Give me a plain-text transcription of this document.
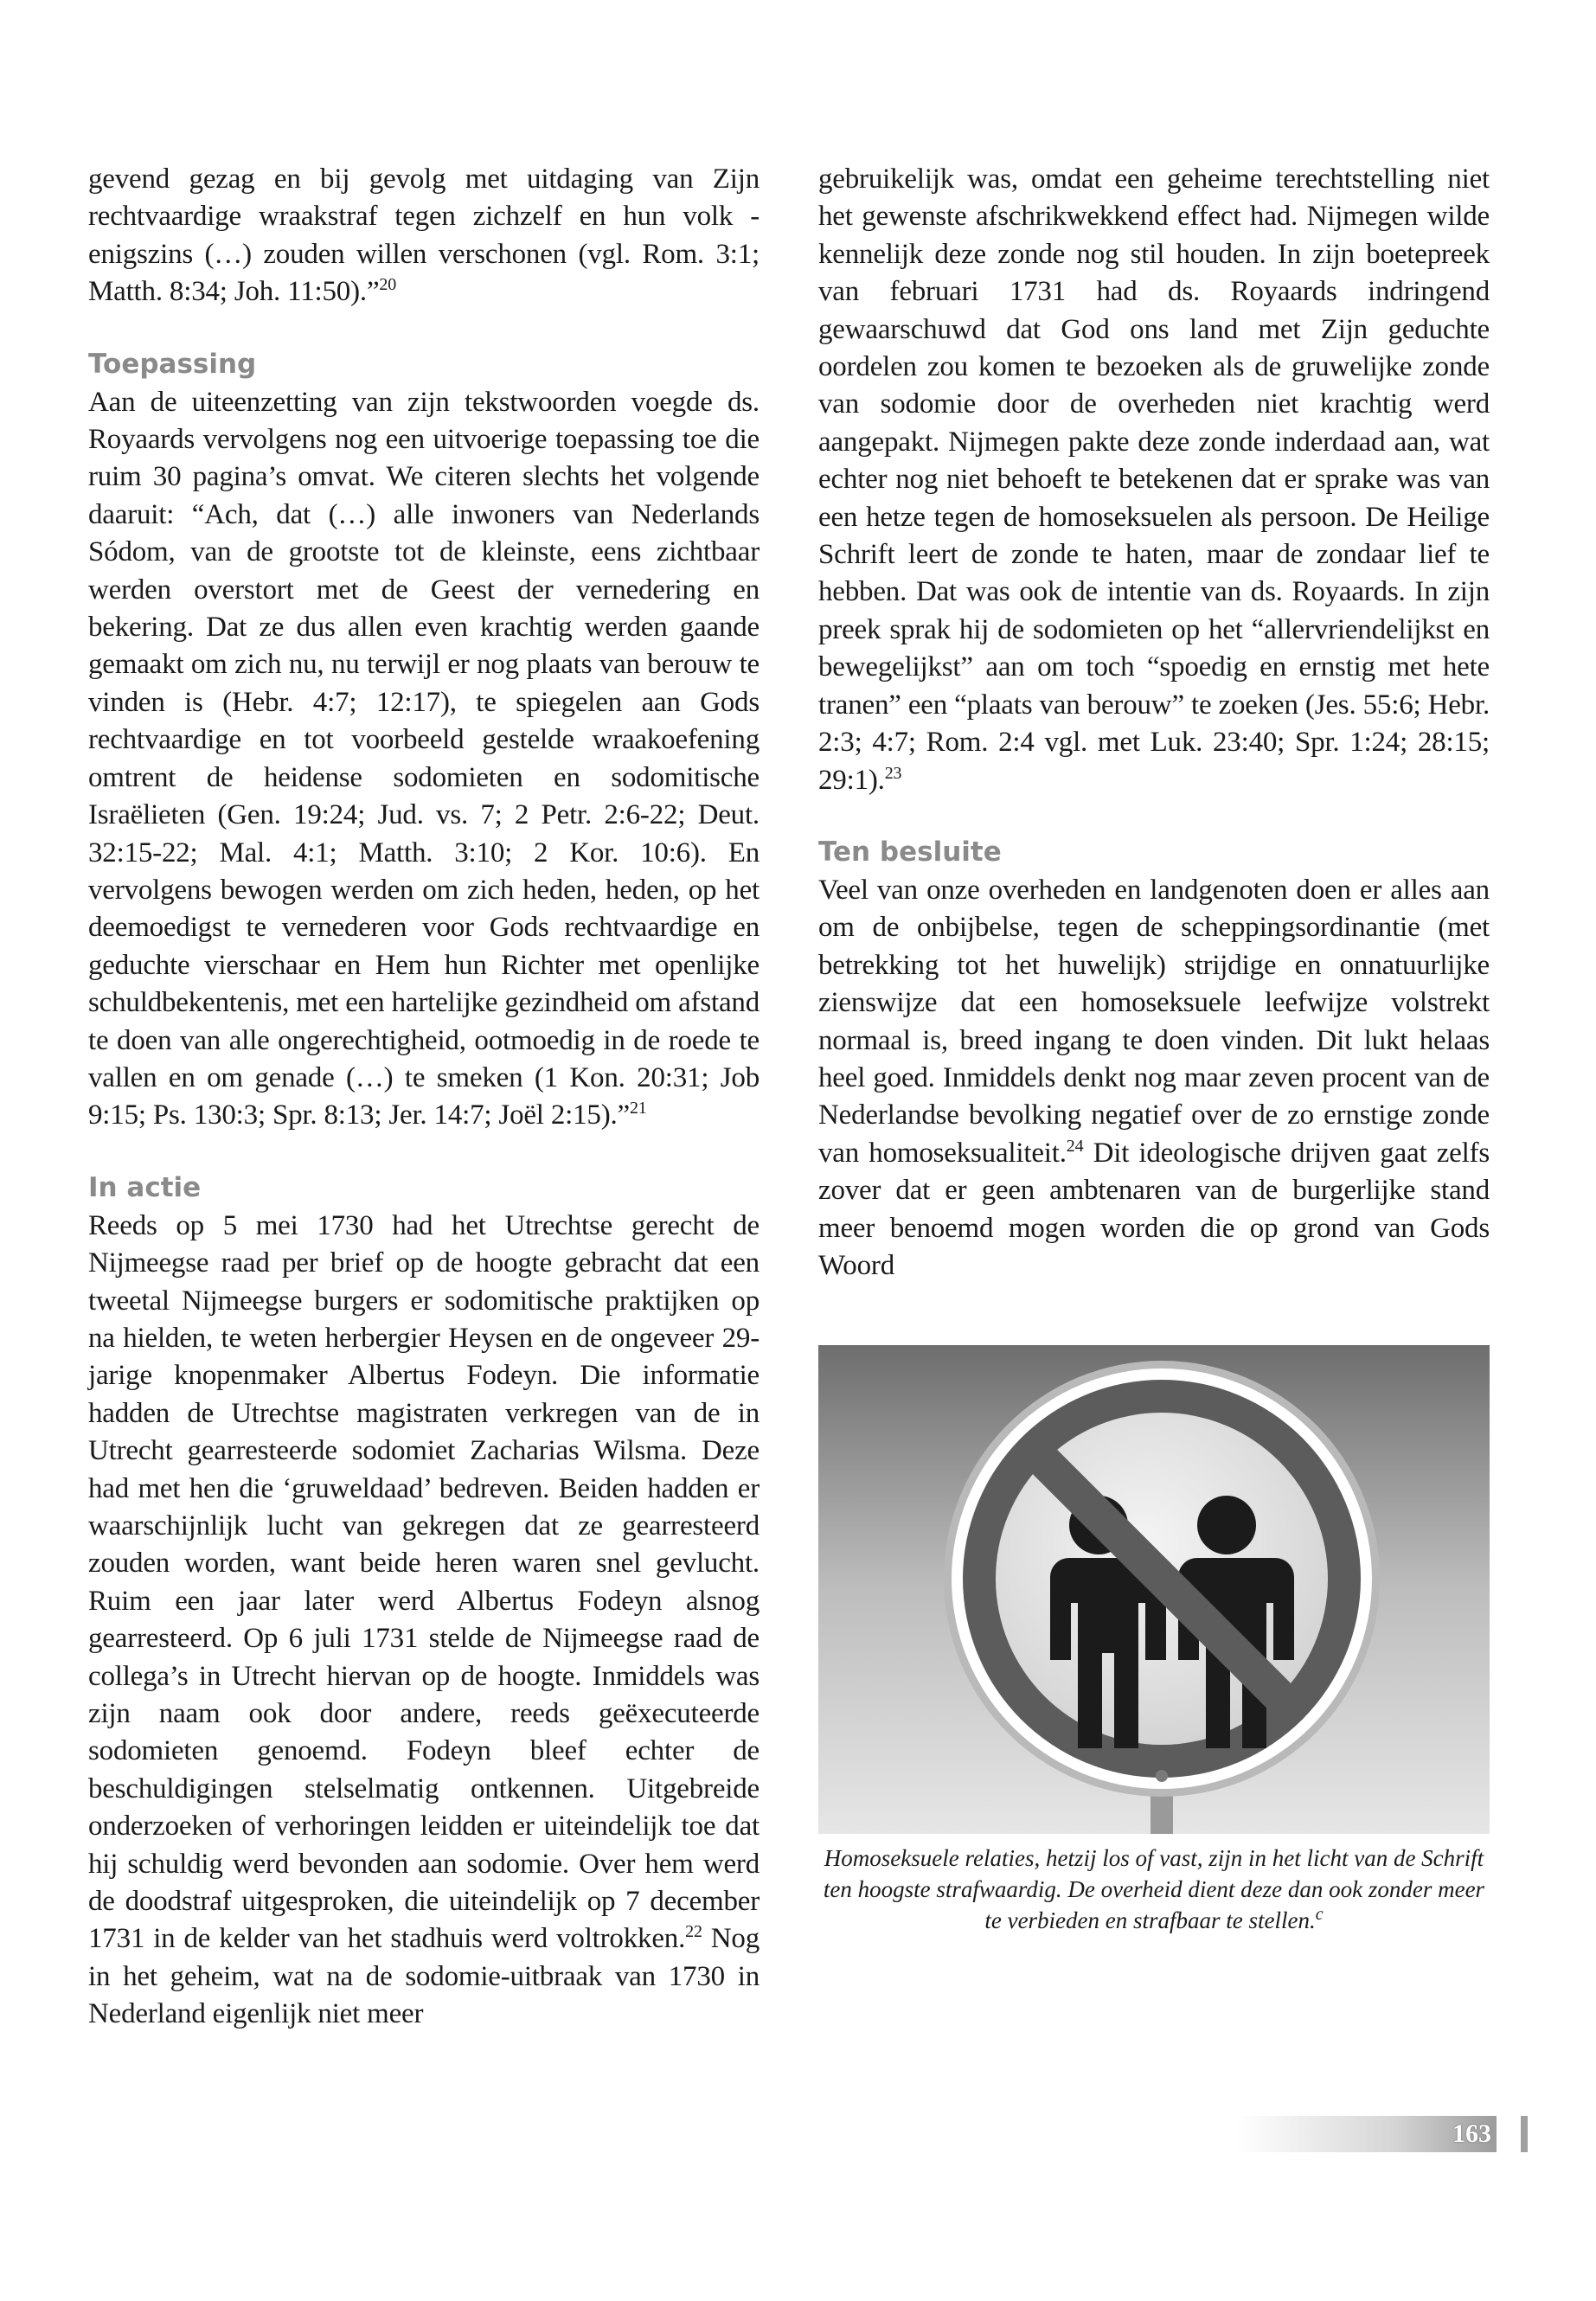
gevend gezag en bij gevolg met uitdaging van Zijn rechtvaardige wraakstraf tegen zichzelf en hun volk - enigszins (…) zouden willen verschonen (vgl. Rom. 3:1; Matth. 8:34; Joh. 11:50).”$^{20}$

Toepassing

Aan de uiteenzetting van zijn tekstwoorden voegde ds. Royaards vervolgens nog een uitvoerige toepassing toe die ruim 30 pagina’s omvat. We citeren slechts het volgende daaruit: “Ach, dat (…) alle inwoners van Nederlands Sódom, van de grootste tot de kleinste, eens zichtbaar werden overstort met de Geest der vernedering en bekering. Dat ze dus allen even krachtig werden gaande gemaakt om zich nu, nu terwijl er nog plaats van berouw te vinden is (Hebr. 4:7; 12:17), te spiegelen aan Gods rechtvaardige en tot voorbeeld gestelde wraakoefening omtrent de heidense sodomieten en sodomitische Israëlieten (Gen. 19:24; Jud. vs. 7; 2 Petr. 2:6-22; Deut. 32:15-22; Mal. 4:1; Matth. 3:10; 2 Kor. 10:6). En vervolgens bewogen werden om zich heden, heden, op het deemoedigst te vernederen voor Gods rechtvaardige en geduchte vierschaar en Hem hun Richter met openlijke schuldbekentenis, met een hartelijke gezindheid om afstand te doen van alle ongerechtigheid, ootmoedig in de roede te vallen en om genade (…) te smeken (1 Kon. 20:31; Job 9:15; Ps. 130:3; Spr. 8:13; Jer. 14:7; Joël 2:15).”$^{21}$

In actie

Reeds op 5 mei 1730 had het Utrechtse gerecht de Nijmeegse raad per brief op de hoogte gebracht dat een tweetal Nijmeegse burgers er sodomitische praktijken op na hielden, te weten herbergier Heysen en de ongeveer 29-jarige knopenmaker Albertus Fodeyn. Die informatie hadden de Utrechtse magistraten verkregen van de in Utrecht gearresteerde sodomiet Zacharias Wilsma. Deze had met hen die ‘gruweldaad’ bedreven. Beiden hadden er waarschijnlijk lucht van gekregen dat ze gearresteerd zouden worden, want beide heren waren snel gevlucht. Ruim een jaar later werd Albertus Fodeyn alsnog gearresteerd. Op 6 juli 1731 stelde de Nijmeegse raad de collega’s in Utrecht hiervan op de hoogte. Inmiddels was zijn naam ook door andere, reeds geëxecuteerde sodomieten genoemd. Fodeyn bleef echter de beschuldigingen stelselmatig ontkennen. Uitgebreide onderzoeken of verhoringen leidden er uiteindelijk toe dat hij schuldig werd bevonden aan sodomie. Over hem werd de doodstraf uitgesproken, die uiteindelijk op 7 december 1731 in de kelder van het stadhuis werd voltrokken.$^{22}$ Nog in het geheim, wat na de sodomie-uitbraak van 1730 in Nederland eigenlijk niet meer

gebruikelijk was, omdat een geheime terechtstelling niet het gewenste afschrikwekkend effect had. Nijmegen wilde kennelijk deze zonde nog stil houden. In zijn boetepreek van februari 1731 had ds. Royaards indringend gewaarschuwd dat God ons land met Zijn geduchte oordelen zou komen te bezoeken als de gruwelijke zonde van sodomie door de overheden niet krachtig werd aangepakt. Nijmegen pakte deze zonde inderdaad aan, wat echter nog niet behoeft te betekenen dat er sprake was van een hetze tegen de homoseksuelen als persoon. De Heilige Schrift leert de zonde te haten, maar de zondaar lief te hebben. Dat was ook de intentie van ds. Royaards. In zijn preek sprak hij de sodomieten op het “allervriendelijkst en bewegelijkst” aan om toch “spoedig en ernstig met hete tranen” een “plaats van berouw” te zoeken (Jes. 55:6; Hebr. 2:3; 4:7; Rom. 2:4 vgl. met Luk. 23:40; Spr. 1:24; 28:15; 29:1).$^{23}$

Ten besluite

Veel van onze overheden en landgenoten doen er alles aan om de onbijbelse, tegen de scheppingsordinantie (met betrekking tot het huwelijk) strijdige en onnatuurlijke zienswijze dat een homoseksuele leefwijze volstrekt normaal is, breed ingang te doen vinden. Dit lukt helaas heel goed. Inmiddels denkt nog maar zeven procent van de Nederlandse bevolking negatief over de zo ernstige zonde van homoseksualiteit.$^{24}$ Dit ideologische drijven gaat zelfs zover dat er geen ambtenaren van de burgerlijke stand meer benoemd mogen worden die op grond van Gods Woord

Homoseksuele relaties, hetzij los of vast, zijn in het licht van de Schrift ten hoogste strafwaardig. De overheid dient deze dan ook zonder meer te verbieden en strafbaar te stellen.$^c$
163
